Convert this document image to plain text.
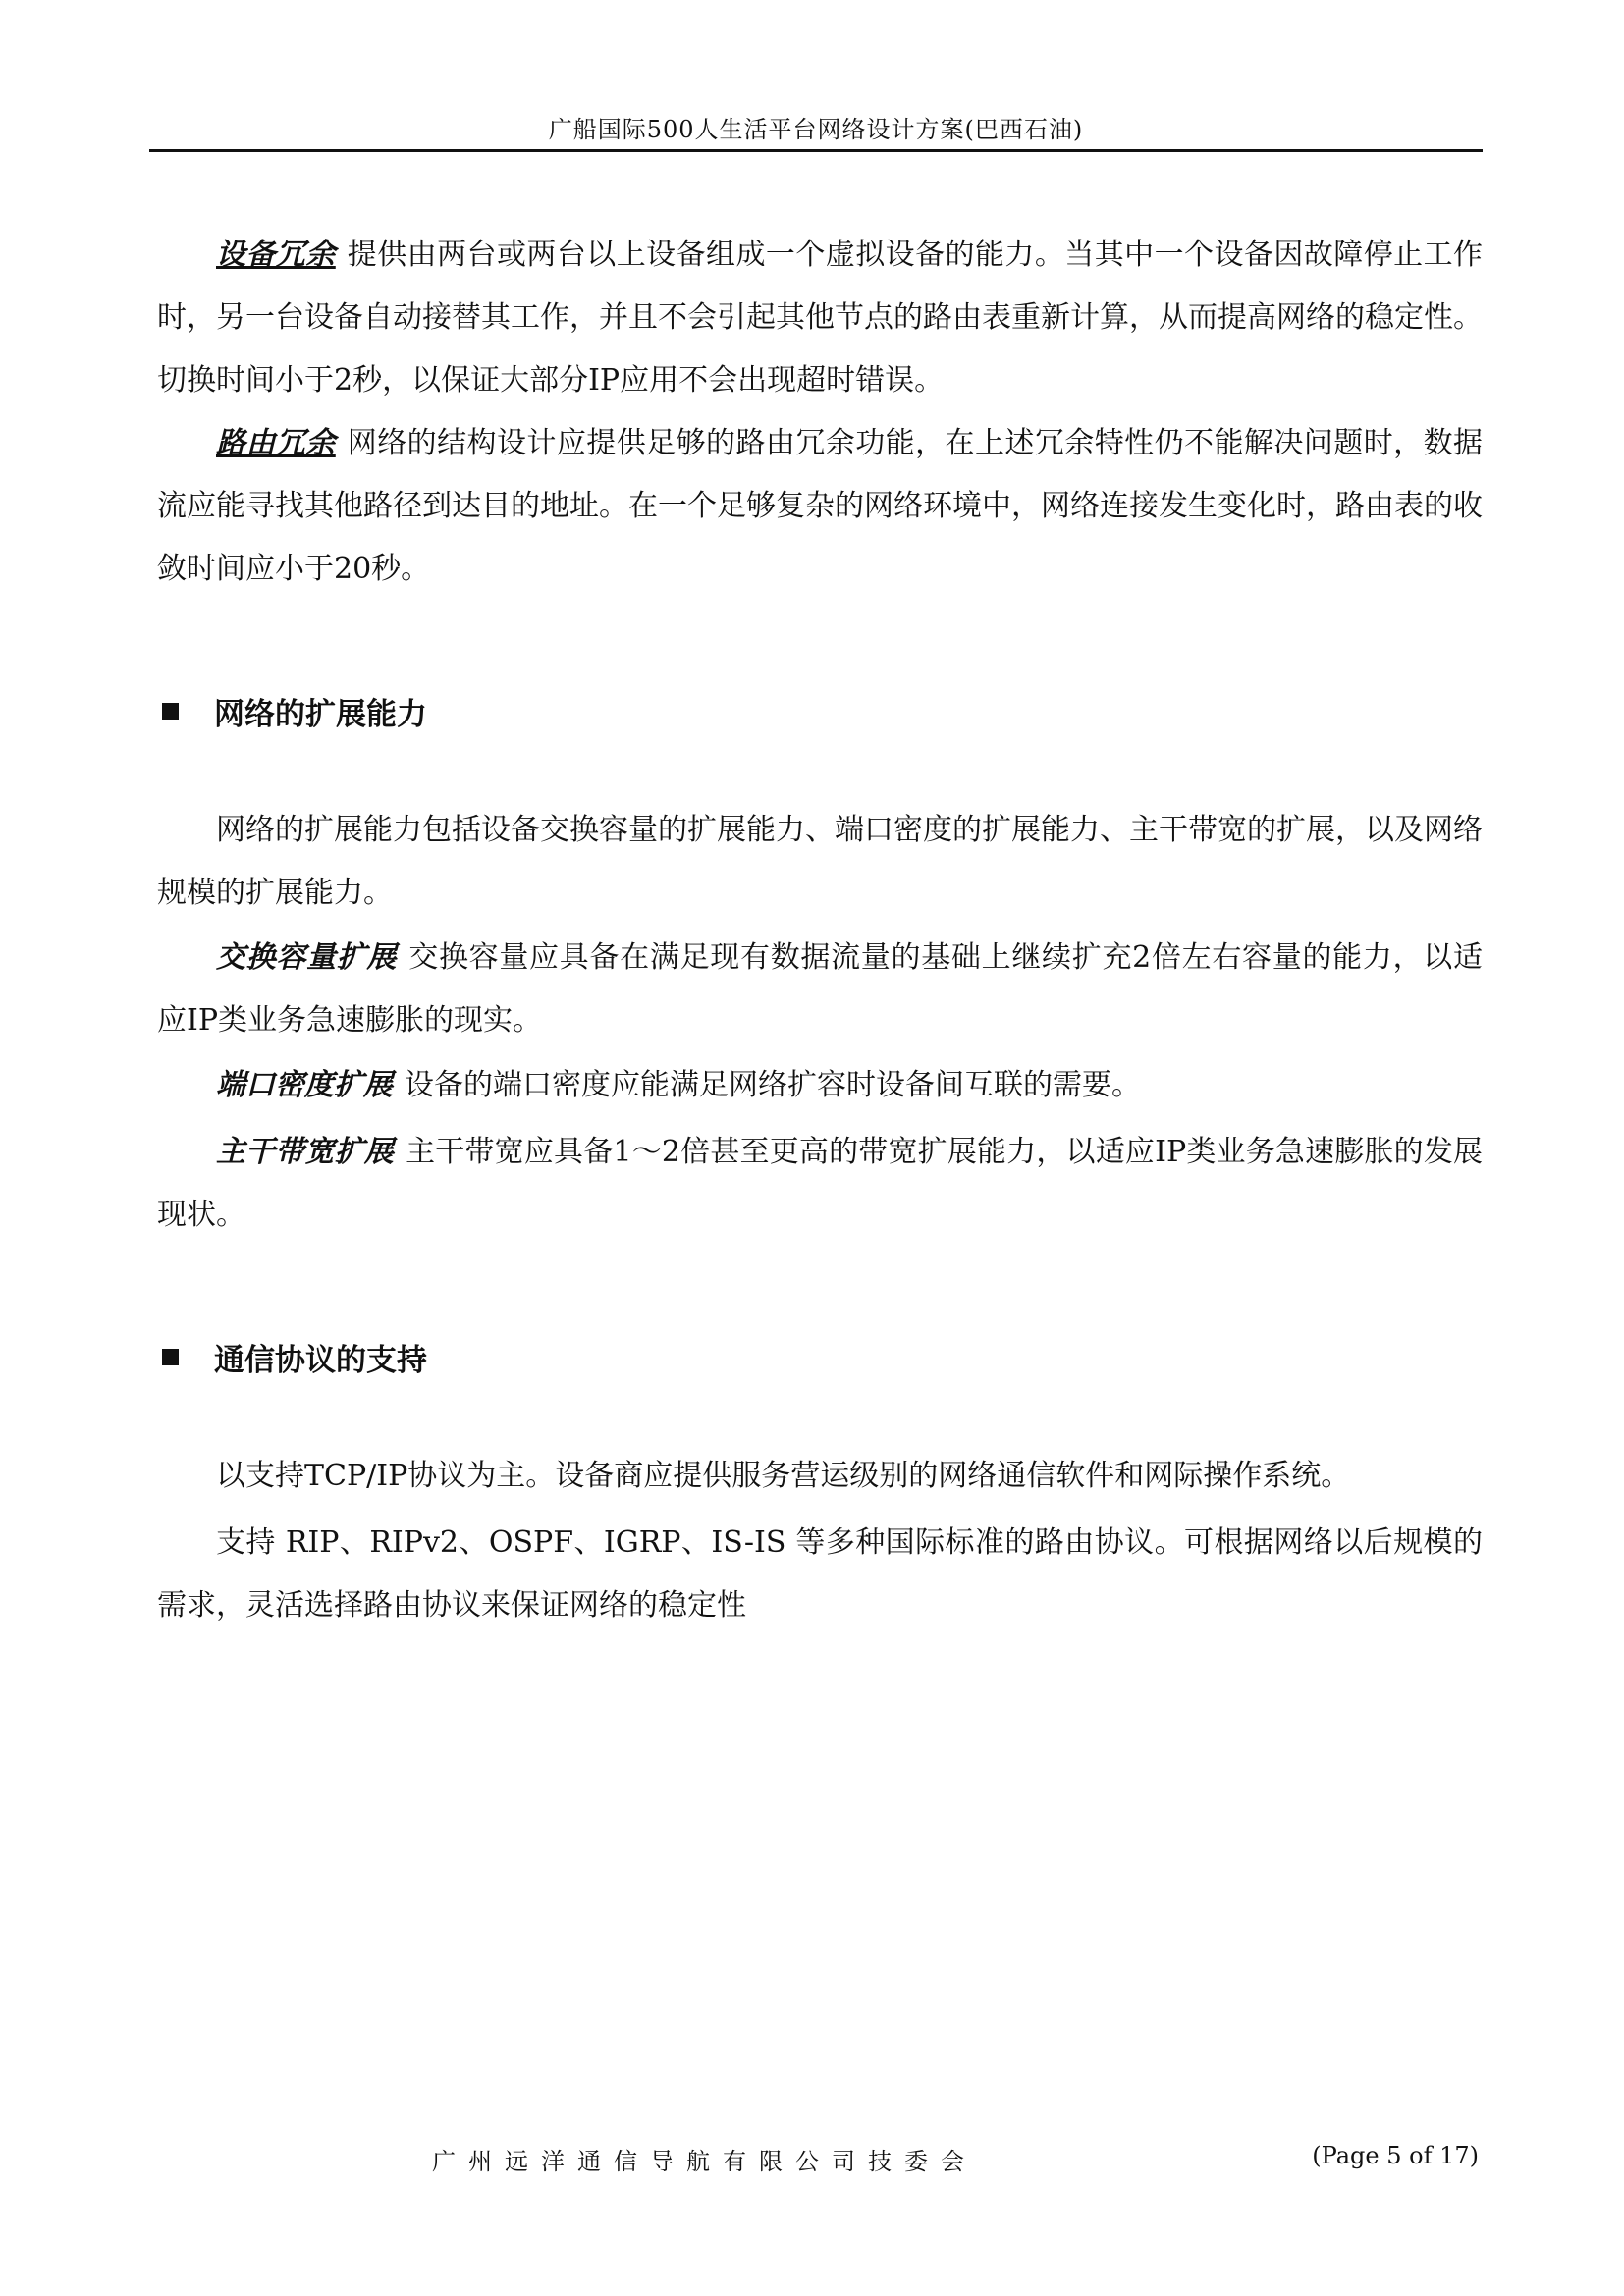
广船国际500人生活平台网络设计方案(巴西石油)

设备冗余 提供由两台或两台以上设备组成一个虚拟设备的能力。当其中一个设备因故障停止工作时，另一台设备自动接替其工作，并且不会引起其他节点的路由表重新计算，从而提高网络的稳定性。切换时间小于2秒，以保证大部分IP应用不会出现超时错误。

路由冗余 网络的结构设计应提供足够的路由冗余功能，在上述冗余特性仍不能解决问题时，数据流应能寻找其他路径到达目的地址。在一个足够复杂的网络环境中，网络连接发生变化时，路由表的收敛时间应小于20秒。

网络的扩展能力

网络的扩展能力包括设备交换容量的扩展能力、端口密度的扩展能力、主干带宽的扩展，以及网络规模的扩展能力。

交换容量扩展 交换容量应具备在满足现有数据流量的基础上继续扩充2倍左右容量的能力，以适应IP类业务急速膨胀的现实。

端口密度扩展 设备的端口密度应能满足网络扩容时设备间互联的需要。

主干带宽扩展 主干带宽应具备1～2倍甚至更高的带宽扩展能力，以适应IP类业务急速膨胀的发展现状。

通信协议的支持

以支持TCP/IP协议为主。设备商应提供服务营运级别的网络通信软件和网际操作系统。

支持 RIP、RIPv2、OSPF、IGRP、IS-IS 等多种国际标准的路由协议。可根据网络以后规模的需求，灵活选择路由协议来保证网络的稳定性

广州远洋通信导航有限公司技委会	(Page 5 of 17)
